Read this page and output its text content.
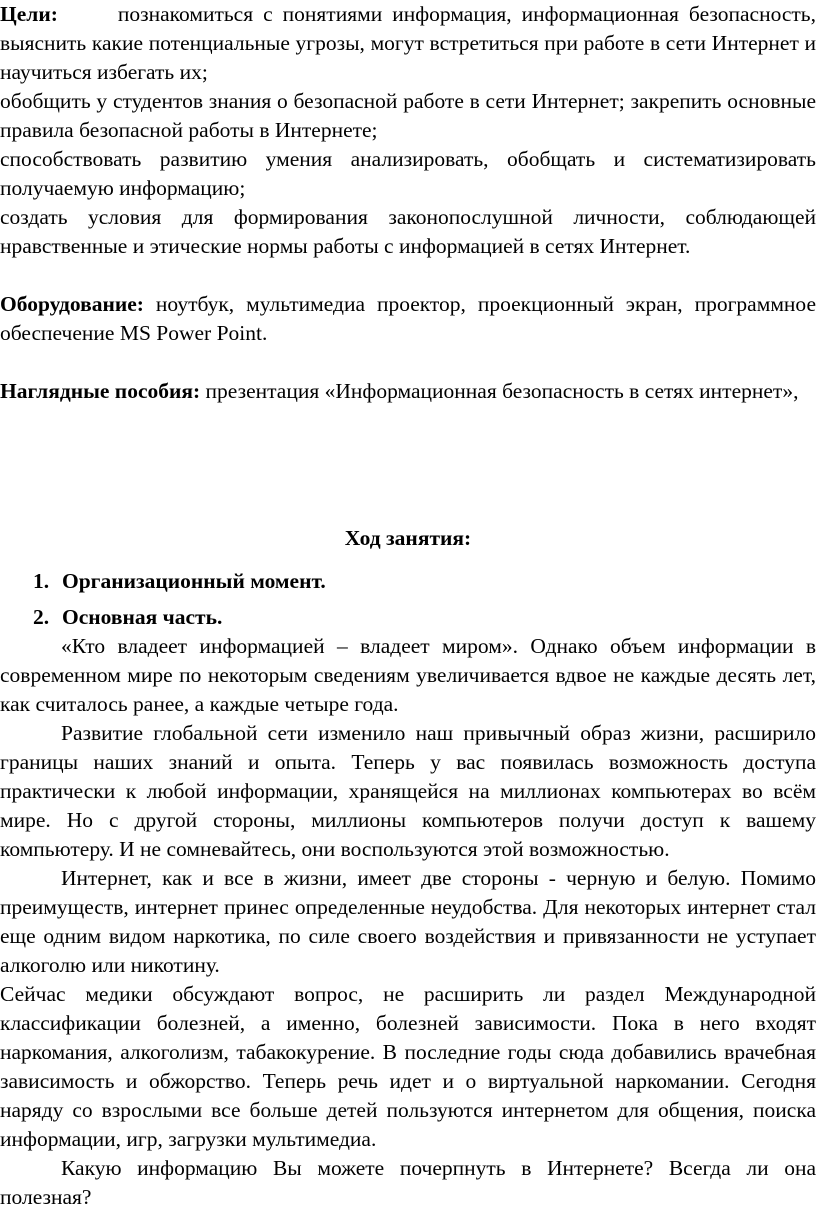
Цели:	познакомиться с понятиями информация, информационная безопасность, выяснить какие потенциальные угрозы, могут встретиться при работе в сети Интернет и научиться избегать их;

обобщить у студентов знания о безопасной работе в сети Интернет; закрепить основные правила безопасной работы в Интернете;

способствовать развитию умения анализировать, обобщать и систематизировать получаемую информацию;

создать условия для формирования законопослушной личности, соблюдающей нравственные и этические нормы работы с информацией в сетях Интернет.

Оборудование: ноутбук, мультимедиа проектор, проекционный экран, программное обеспечение MS Power Point.

Наглядные пособия: презентация «Информационная безопасность в сетях интернет»,

Ход занятия:

1. Организационный момент.
2. Основная часть.

«Кто владеет информацией – владеет миром». Однако объем информации в современном мире по некоторым сведениям увеличивается вдвое не каждые десять лет, как считалось ранее, а каждые четыре года.

Развитие глобальной сети изменило наш привычный образ жизни, расширило границы наших знаний и опыта. Теперь у вас появилась возможность доступа практически к любой информации, хранящейся на миллионах компьютерах во всём мире. Но с другой стороны, миллионы компьютеров получи доступ к вашему компьютеру. И не сомневайтесь, они воспользуются этой возможностью.

Интернет, как и все в жизни, имеет две стороны - черную и белую. Помимо преимуществ, интернет принес определенные неудобства. Для некоторых интернет стал еще одним видом наркотика, по силе своего воздействия и привязанности не уступает алкоголю или никотину.

Сейчас медики обсуждают вопрос, не расширить ли раздел Международной классификации болезней, а именно, болезней зависимости. Пока в него входят наркомания, алкоголизм, табакокурение. В последние годы сюда добавились врачебная зависимость и обжорство. Теперь речь идет и о виртуальной наркомании. Сегодня наряду со взрослыми все больше детей пользуются интернетом для общения, поиска информации, игр, загрузки мультимедиа.

Какую информацию Вы можете почерпнуть в Интернете? Всегда ли она полезная?
